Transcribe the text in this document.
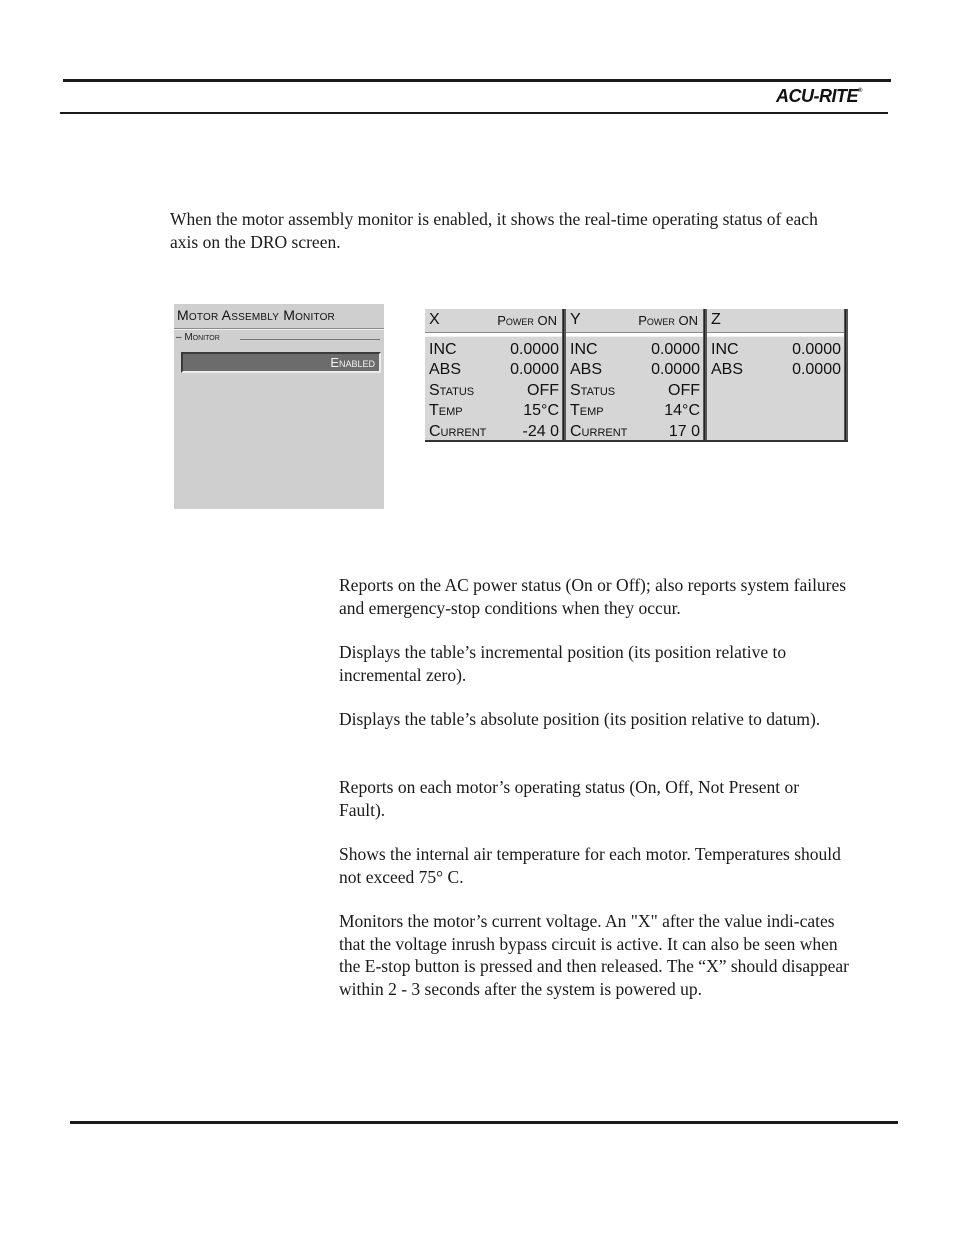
ACU-RITE®

When the motor assembly monitor is enabled, it shows the real-time operating status of each axis on the DRO screen.

Motor Assembly Monitor
– Monitor
Enabled
X	Power ON
INC	0.0000
ABS	0.0000
Status	OFF
Temp	15°C
Current -24 0
Y	Power ON
INC	0.0000
ABS	0.0000
Status	OFF
Temp	14°C
Current	17 0
Z
INC	0.0000
ABS	0.0000

Reports on the AC power status (On or Off); also reports system failures and emergency-stop conditions when they occur.

Displays the table’s incremental position (its position relative to incremental zero).

Displays the table’s absolute position (its position relative to datum).

Reports on each motor’s operating status (On, Off, Not Present or Fault).

Shows the internal air temperature for each motor. Temperatures should not exceed 75° C.

Monitors the motor’s current voltage. An "X" after the value indi-cates that the voltage inrush bypass circuit is active. It can also be seen when the E-stop button is pressed and then released. The “X” should disappear within 2 - 3 seconds after the system is powered up.
